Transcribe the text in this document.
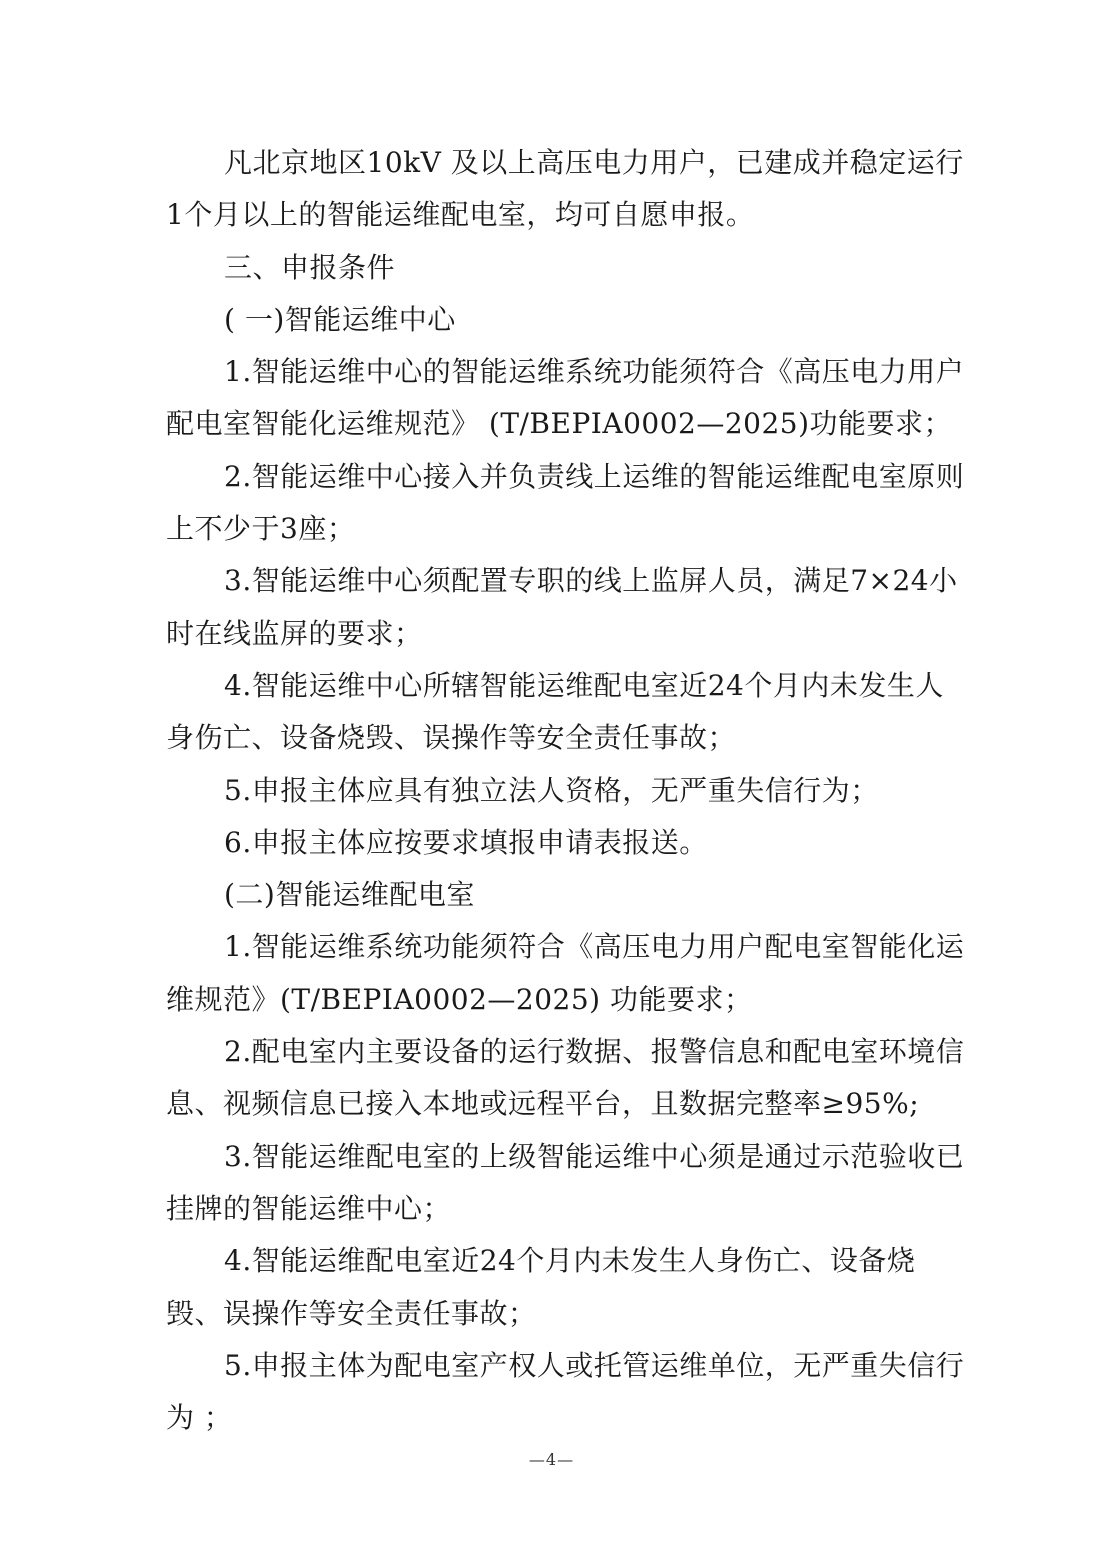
凡北京地区10kV 及以上高压电力用户，已建成并稳定运行 1个月以上的智能运维配电室，均可自愿申报。

三、申报条件

( 一)智能运维中心

1.智能运维中心的智能运维系统功能须符合《高压电力用户配电室智能化运维规范》 (T/BEPIA0002—2025)功能要求；

2.智能运维中心接入并负责线上运维的智能运维配电室原则上不少于3座；

3.智能运维中心须配置专职的线上监屏人员，满足7×24小时在线监屏的要求；

4.智能运维中心所辖智能运维配电室近24个月内未发生人身伤亡、设备烧毁、误操作等安全责任事故；

5.申报主体应具有独立法人资格，无严重失信行为；

6.申报主体应按要求填报申请表报送。

(二)智能运维配电室

1.智能运维系统功能须符合《高压电力用户配电室智能化运维规范》(T/BEPIA0002—2025) 功能要求；

2.配电室内主要设备的运行数据、报警信息和配电室环境信息、视频信息已接入本地或远程平台，且数据完整率≥95%;

3.智能运维配电室的上级智能运维中心须是通过示范验收已挂牌的智能运维中心；

4.智能运维配电室近24个月内未发生人身伤亡、设备烧毁、误操作等安全责任事故；

5.申报主体为配电室产权人或托管运维单位，无严重失信行为 ；

—4—
